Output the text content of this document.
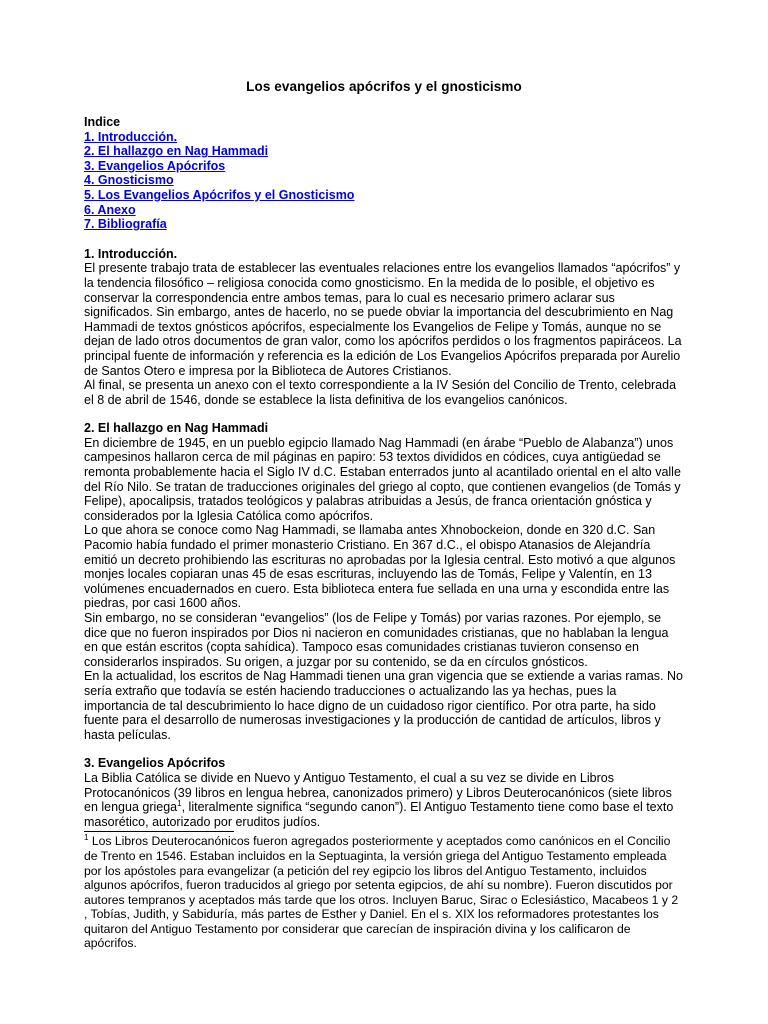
Los evangelios apócrifos y el gnosticismo

Indice

1. Introducción.
2. El hallazgo en Nag Hammadi
3. Evangelios Apócrifos
4. Gnosticismo
5. Los Evangelios Apócrifos y el Gnosticismo
6. Anexo
7. Bibliografía

1. Introducción.

El presente trabajo trata de establecer las eventuales relaciones entre los evangelios llamados “apócrifos” y la tendencia filosófico – religiosa conocida como gnosticismo. En la medida de lo posible, el objetivo es conservar la correspondencia entre ambos temas, para lo cual es necesario primero aclarar sus significados. Sin embargo, antes de hacerlo, no se puede obviar la importancia del descubrimiento en Nag Hammadi de textos gnósticos apócrifos, especialmente los Evangelios de Felipe y Tomás, aunque no se dejan de lado otros documentos de gran valor, como los apócrifos perdidos o los fragmentos papiráceos. La principal fuente de información y referencia es la edición de Los Evangelios Apócrifos preparada por Aurelio de Santos Otero e impresa por la Biblioteca de Autores Cristianos.

Al final, se presenta un anexo con el texto correspondiente a la IV Sesión del Concilio de Trento, celebrada el 8 de abril de 1546, donde se establece la lista definitiva de los evangelios canónicos.

2. El hallazgo en Nag Hammadi

En diciembre de 1945, en un pueblo egipcio llamado Nag Hammadi (en árabe “Pueblo de Alabanza”) unos campesinos hallaron cerca de mil páginas en papiro: 53 textos divididos en códices, cuya antigüedad se remonta probablemente hacia el Siglo IV d.C. Estaban enterrados junto al acantilado oriental en el alto valle del Río Nilo. Se tratan de traducciones originales del griego al copto, que contienen evangelios (de Tomás y Felipe), apocalipsis, tratados teológicos y palabras atribuidas a Jesús, de franca orientación gnóstica y considerados por la Iglesia Católica como apócrifos.

Lo que ahora se conoce como Nag Hammadi, se llamaba antes Xhnobockeion, donde en 320 d.C. San Pacomio había fundado el primer monasterio Cristiano. En 367 d.C., el obispo Atanasios de Alejandría emitió un decreto prohibiendo las escrituras no aprobadas por la Iglesia central. Esto motivó a que algunos monjes locales copiaran unas 45 de esas escrituras, incluyendo las de Tomás, Felipe y Valentín, en 13 volúmenes encuadernados en cuero. Esta biblioteca entera fue sellada en una urna y escondida entre las piedras, por casi 1600 años.

Sin embargo, no se consideran “evangelios” (los de Felipe y Tomás) por varias razones. Por ejemplo, se dice que no fueron inspirados por Dios ni nacieron en comunidades cristianas, que no hablaban la lengua en que están escritos (copta sahídica). Tampoco esas comunidades cristianas tuvieron consenso en considerarlos inspirados. Su origen, a juzgar por su contenido, se da en círculos gnósticos.

En la actualidad, los escritos de Nag Hammadi tienen una gran vigencia que se extiende a varias ramas. No sería extraño que todavía se estén haciendo traducciones o actualizando las ya hechas, pues la importancia de tal descubrimiento lo hace digno de un cuidadoso rigor científico. Por otra parte, ha sido fuente para el desarrollo de numerosas investigaciones y la producción de cantidad de artículos, libros y hasta películas.

3. Evangelios Apócrifos

La Biblia Católica se divide en Nuevo y Antiguo Testamento, el cual a su vez se divide en Libros Protocanónicos (39 libros en lengua hebrea, canonizados primero) y Libros Deuterocanónicos (siete libros en lengua griega$^1$, literalmente significa “segundo canon”). El Antiguo Testamento tiene como base el texto masorético, autorizado por eruditos judíos.

$^1$ Los Libros Deuterocanónicos fueron agregados posteriormente y aceptados como canónicos en el Concilio de Trento en 1546. Estaban incluidos en la Septuaginta, la versión griega del Antiguo Testamento empleada por los apóstoles para evangelizar (a petición del rey egipcio los libros del Antiguo Testamento, incluidos algunos apócrifos, fueron traducidos al griego por setenta egipcios, de ahí su nombre). Fueron discutidos por autores tempranos y aceptados más tarde que los otros. Incluyen Baruc, Sirac o Eclesiástico, Macabeos 1 y 2 , Tobías, Judith, y Sabiduría, más partes de Esther y Daniel. En el s. XIX los reformadores protestantes los quitaron del Antiguo Testamento por considerar que carecían de inspiración divina y los calificaron de apócrifos.
